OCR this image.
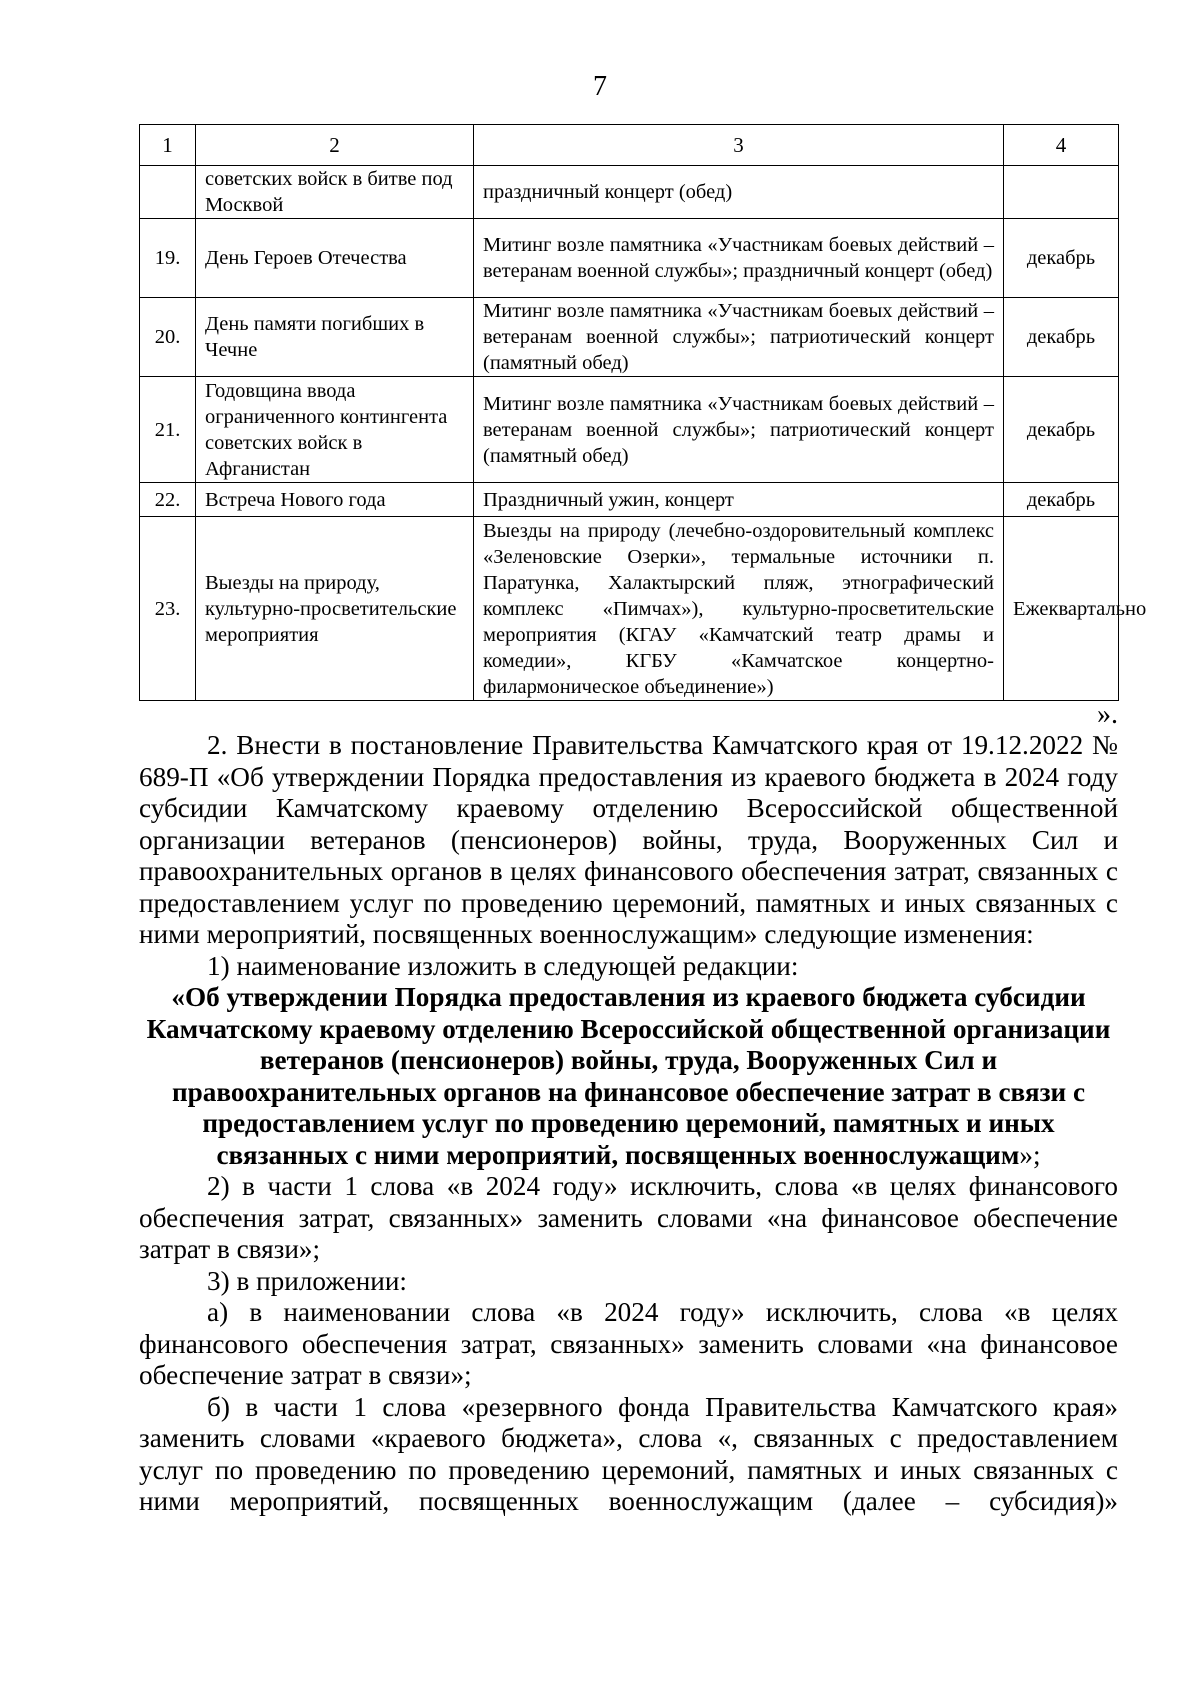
7
1	2	3	4
	советских войск в битве под Москвой	праздничный концерт (обед)	
19.	День Героев Отечества	Митинг возле памятника «Участникам боевых действий – ветеранам военной службы»; праздничный концерт (обед)	декабрь
20.	День памяти погибших в Чечне	Митинг возле памятника «Участникам боевых действий – ветеранам военной службы»; патриотический концерт (памятный обед)	декабрь
21.	Годовщина ввода ограниченного контингента советских войск в Афганистан	Митинг возле памятника «Участникам боевых действий – ветеранам военной службы»; патриотический концерт (памятный обед)	декабрь
22.	Встреча Нового года	Праздничный ужин, концерт	декабрь
23.	Выезды на природу, культурно-просветительские мероприятия	Выезды на природу (лечебно-оздоровительный комплекс «Зеленовские Озерки», термальные источники п. Паратунка, Халактырский пляж, этнографический комплекс «Пимчах»), культурно-просветительские мероприятия (КГАУ «Камчатский театр драмы и комедии», КГБУ «Камчатское концертно-филармоническое объединение»)	Ежеквартально
».

2. Внести в постановление Правительства Камчатского края от 19.12.2022 № 689-П «Об утверждении Порядка предоставления из краевого бюджета в 2024 году субсидии Камчатскому краевому отделению Всероссийской общественной организации ветеранов (пенсионеров) войны, труда, Вооруженных Сил и правоохранительных органов в целях финансового обеспечения затрат, связанных с предоставлением услуг по проведению церемоний, памятных и иных связанных с ними мероприятий, посвященных военнослужащим» следующие изменения:

1) наименование изложить в следующей редакции:

«Об утверждении Порядка предоставления из краевого бюджета субсидии Камчатскому краевому отделению Всероссийской общественной организации ветеранов (пенсионеров) войны, труда, Вооруженных Сил и правоохранительных органов на финансовое обеспечение затрат в связи с предоставлением услуг по проведению церемоний, памятных и иных связанных с ними мероприятий, посвященных военнослужащим»;

2) в части 1 слова «в 2024 году» исключить, слова «в целях финансового обеспечения затрат, связанных» заменить словами «на финансовое обеспечение затрат в связи»;

3) в приложении:

а) в наименовании слова «в 2024 году» исключить, слова «в целях финансового обеспечения затрат, связанных» заменить словами «на финансовое обеспечение затрат в связи»;

б) в части 1 слова «резервного фонда Правительства Камчатского края» заменить словами «краевого бюджета», слова «, связанных с предоставлением услуг по проведению по проведению церемоний, памятных и иных связанных с ними мероприятий, посвященных военнослужащим (далее – субсидия)»
